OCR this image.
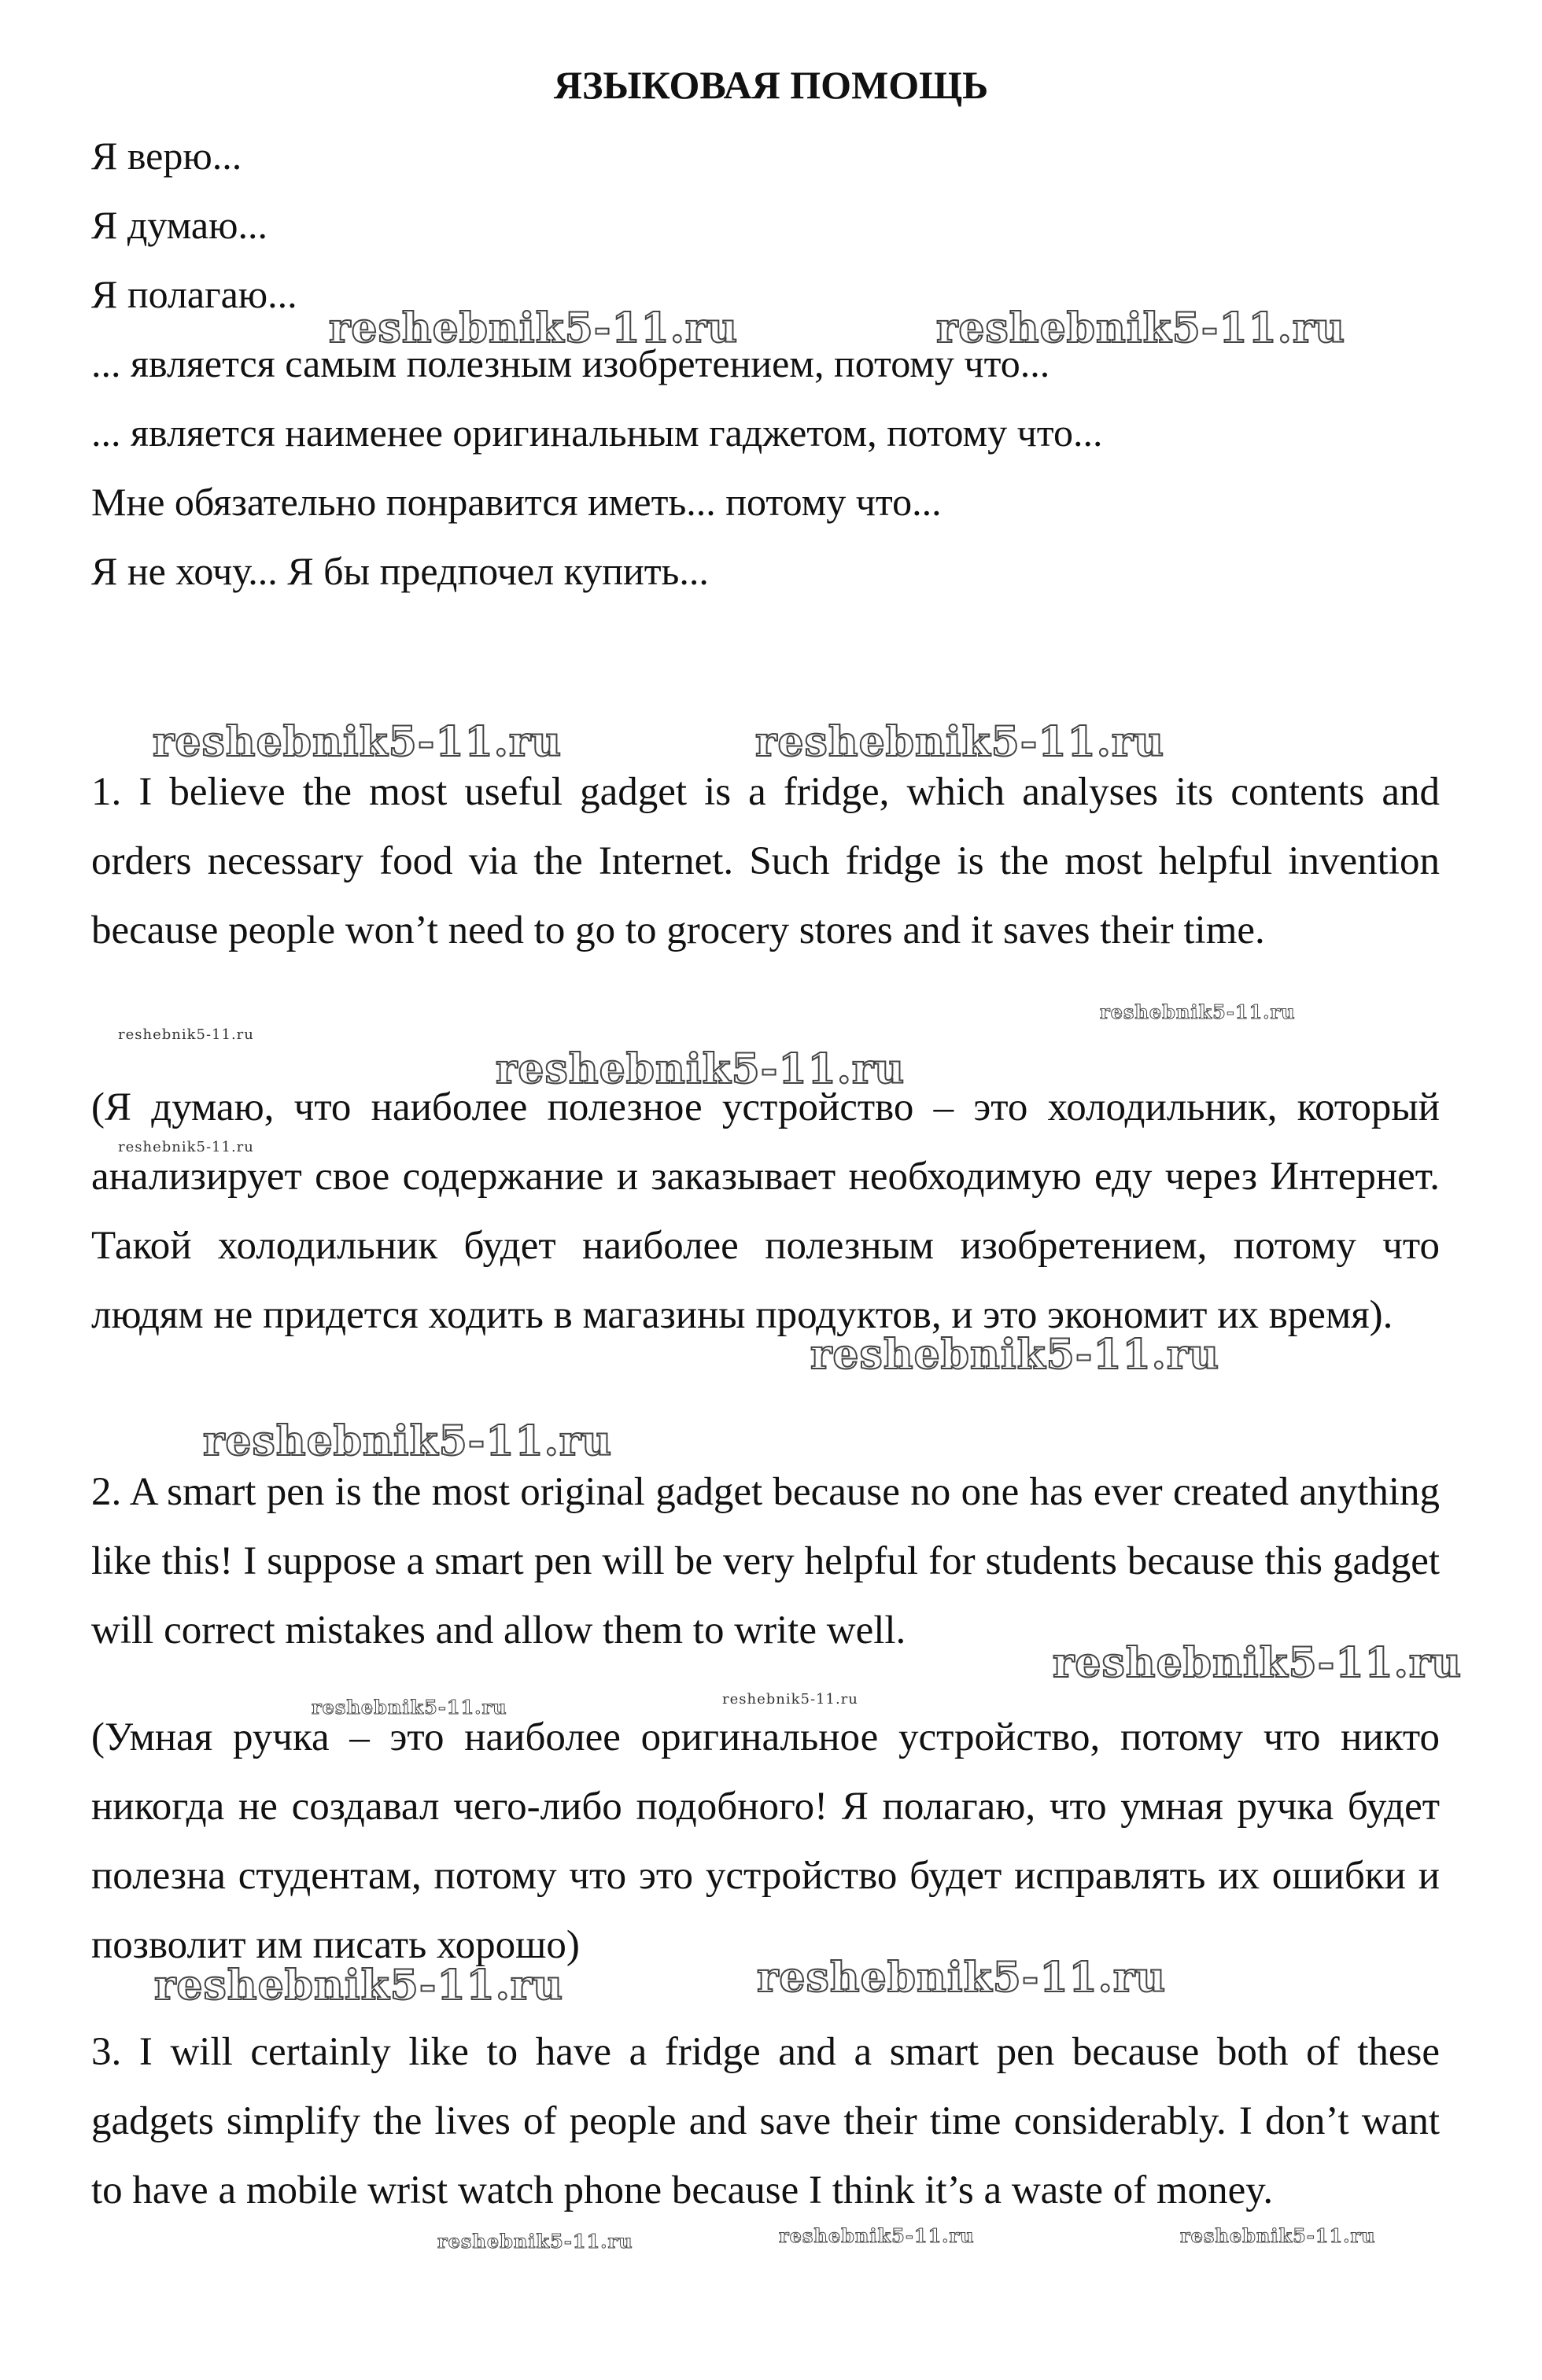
ЯЗЫКОВАЯ ПОМОЩЬ
Я верю...
Я думаю...
Я полагаю...
... является самым полезным изобретением, потому что...
... является наименее оригинальным гаджетом, потому что...
Мне обязательно понравится иметь... потому что...
Я не хочу... Я бы предпочел купить...

1. I believe the most useful gadget is a fridge, which analyses its contents and orders necessary food via the Internet. Such fridge is the most helpful invention because people won’t need to go to grocery stores and it saves their time.

(Я думаю, что наиболее полезное устройство – это холодильник, который анализирует свое содержание и заказывает необходимую еду через Интернет. Такой холодильник будет наиболее полезным изобретением, потому что людям не придется ходить в магазины продуктов, и это экономит их время).

2. A smart pen is the most original gadget because no one has ever created anything like this! I suppose a smart pen will be very helpful for students because this gadget will correct mistakes and allow them to write well.

(Умная ручка – это наиболее оригинальное устройство, потому что никто никогда не создавал чего-либо подобного! Я полагаю, что умная ручка будет полезна студентам, потому что это устройство будет исправлять их ошибки и позволит им писать хорошо)

3. I will certainly like to have a fridge and a smart pen because both of these gadgets simplify the lives of people and save their time considerably. I don’t want to have a mobile wrist watch phone because I think it’s a waste of money.

reshebnik5-11.ru	reshebnik5-11.ru
reshebnik5-11.ru	reshebnik5-11.ru
reshebnik5-11.ru
reshebnik5-11.ru
reshebnik5-11.ru
reshebnik5-11.ru
reshebnik5-11.ru
reshebnik5-11.ru
reshebnik5-11.ru
reshebnik5-11.ru	reshebnik5-11.ru
reshebnik5-11.ru	reshebnik5-11.ru
reshebnik5-11.ru	reshebnik5-11.ru	reshebnik5-11.ru
